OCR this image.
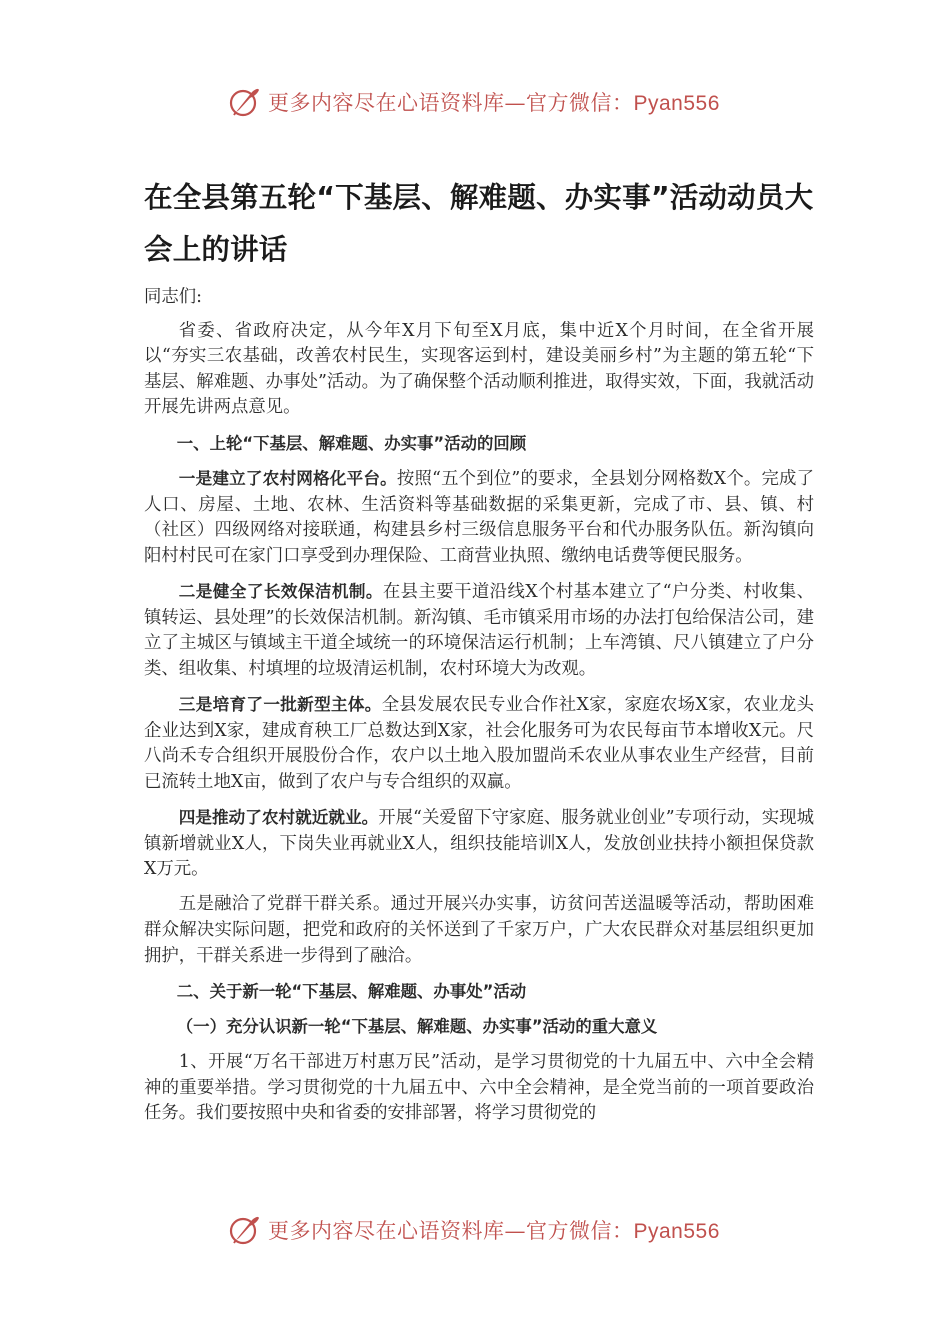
更多内容尽在心语资料库—官方微信：Pyan556
在全县第五轮“下基层、解难题、办实事”活动动员大会上的讲话

同志们:

省委、省政府决定，从今年X月下旬至X月底，集中近X个月时间，在全省开展以“夯实三农基础，改善农村民生，实现客运到村，建设美丽乡村”为主题的第五轮“下基层、解难题、办事处”活动。为了确保整个活动顺利推进，取得实效，下面，我就活动开展先讲两点意见。

一、上轮“下基层、解难题、办实事”活动的回顾

一是建立了农村网格化平台。按照“五个到位”的要求，全县划分网格数X个。完成了人口、房屋、土地、农林、生活资料等基础数据的采集更新，完成了市、县、镇、村（社区）四级网络对接联通，构建县乡村三级信息服务平台和代办服务队伍。新沟镇向阳村村民可在家门口享受到办理保险、工商营业执照、缴纳电话费等便民服务。

二是健全了长效保洁机制。在县主要干道沿线X个村基本建立了“户分类、村收集、镇转运、县处理”的长效保洁机制。新沟镇、毛市镇采用市场的办法打包给保洁公司，建立了主城区与镇域主干道全域统一的环境保洁运行机制；上车湾镇、尺八镇建立了户分类、组收集、村填埋的垃圾清运机制，农村环境大为改观。

三是培育了一批新型主体。全县发展农民专业合作社X家，家庭农场X家，农业龙头企业达到X家，建成育秧工厂总数达到X家，社会化服务可为农民每亩节本增收X元。尺八尚禾专合组织开展股份合作，农户以土地入股加盟尚禾农业从事农业生产经营，目前已流转土地X亩，做到了农户与专合组织的双赢。

四是推动了农村就近就业。开展“关爱留下守家庭、服务就业创业”专项行动，实现城镇新增就业X人，下岗失业再就业X人，组织技能培训X人，发放创业扶持小额担保贷款X万元。

五是融洽了党群干群关系。通过开展兴办实事，访贫问苦送温暖等活动，帮助困难群众解决实际问题，把党和政府的关怀送到了千家万户，广大农民群众对基层组织更加拥护，干群关系进一步得到了融洽。

二、关于新一轮“下基层、解难题、办事处”活动

（一）充分认识新一轮“下基层、解难题、办实事”活动的重大意义

1、开展“万名干部进万村惠万民”活动，是学习贯彻党的十九届五中、六中全会精神的重要举措。学习贯彻党的十九届五中、六中全会精神，是全党当前的一项首要政治任务。我们要按照中央和省委的安排部署，将学习贯彻党的

更多内容尽在心语资料库—官方微信：Pyan556
